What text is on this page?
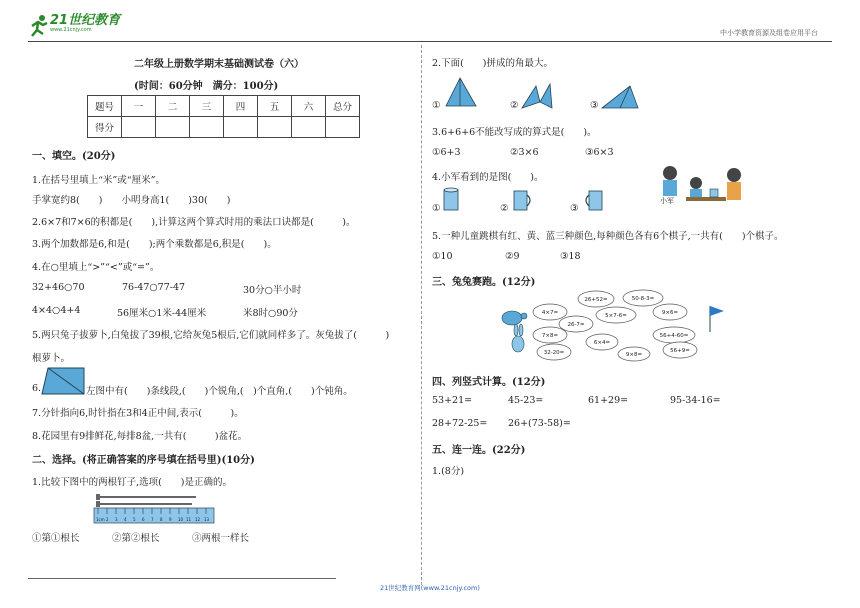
21世纪教育
www.21cnjy.com	中小学教育资源及组卷应用平台
二年级上册数学期末基础测试卷（六）
(时间：60分钟　满分：100分)
题号	一	二	三	四	五	六	总分
得分							
一、填空。(20分)
1.在括号里填上“米”或“厘米”。
手掌宽约8(　　)　　小明身高1(　　)30(　　)
2.6×7和7×6的积都是(　　),计算这两个算式时用的乘法口诀都是(　　　)。
3.两个加数都是6,和是(　　);两个乘数都是6,积是(　　)。
4.在○里填上“>”“<”或“=”。
32+46○70	76-47○77-47	30分○半小时
4×4○4+4	56厘米○1米-44厘米	米8时○90分
5.两只兔子拔萝卜,白兔拔了39根,它给灰兔5根后,它们就同样多了。灰兔拔了(　　　)
根萝卜。
6.	左图中有(　　)条线段,(　　)个锐角,(　)个直角,(　　)个钝角。
7.分针指向6,时针指在3和4正中间,表示(　　　)。
8.花园里有9排鲜花,每排8盆,一共有(　　　)盆花。
二、选择。(将正确答案的序号填在括号里)(10分)
1.比较下图中的两根钉子,选项(　　)是正确的。
1cm 2 3 4 5 6 7 8 9 10 11 12 13
①第①根长	②第②根长	③两根一样长
21世纪教育网(www.21cnjy.com)
2.下面(　　)拼成的角最大。
①	②	③
3.6+6+6不能改写成的算式是(　　)。
①6+3	②3×6	③6×3
4.小军看到的是图(　　)。
①	②	③
小军
5.一种儿童跳棋有红、黄、蓝三种颜色,每种颜色各有6个棋子,一共有(　　)个棋子。
①10	②9	③18
三、兔兔赛跑。(12分)
26+52=	50-8-3=
4×7=	5×7-6=	9×6=
26-7=
7×8=	56+4-60=
6×4=
32-20=	9×8=
56+9=
四、列竖式计算。(12分)
53+21=	45-23=	61+29=	95-34-16=
28+72-25= 26+(73-58)=
五、连一连。(22分)
1.(8分)
